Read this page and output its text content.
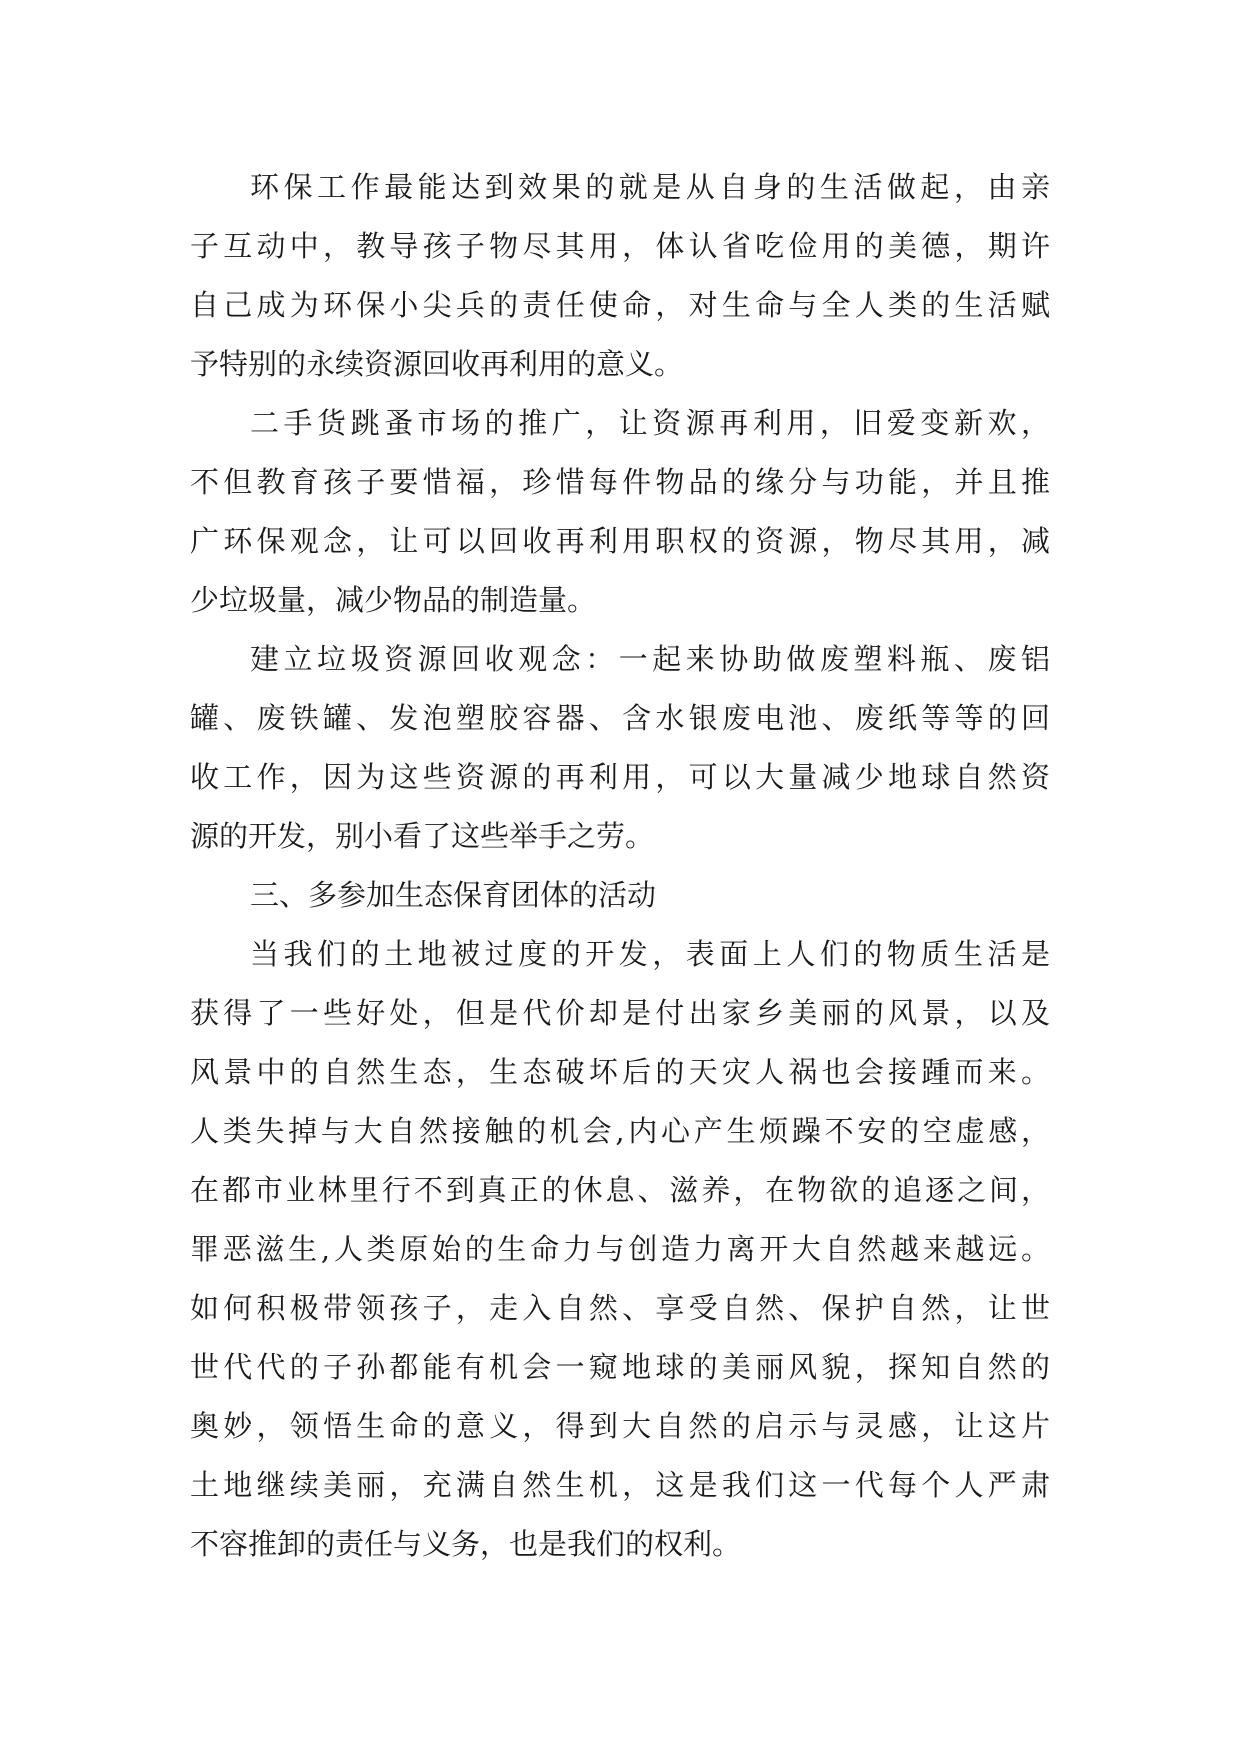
环保工作最能达到效果的就是从自身的生活做起，由亲
子互动中，教导孩子物尽其用，体认省吃俭用的美德，期许
自己成为环保小尖兵的责任使命，对生命与全人类的生活赋
予特别的永续资源回收再利用的意义。
二手货跳蚤市场的推广，让资源再利用，旧爱变新欢，
不但教育孩子要惜福，珍惜每件物品的缘分与功能，并且推
广环保观念，让可以回收再利用职权的资源，物尽其用，减
少垃圾量，减少物品的制造量。
建立垃圾资源回收观念：一起来协助做废塑料瓶、废铝
罐、废铁罐、发泡塑胶容器、含水银废电池、废纸等等的回
收工作，因为这些资源的再利用，可以大量减少地球自然资
源的开发，别小看了这些举手之劳。
三、多参加生态保育团体的活动
当我们的土地被过度的开发，表面上人们的物质生活是
获得了一些好处，但是代价却是付出家乡美丽的风景，以及
风景中的自然生态，生态破坏后的天灾人祸也会接踵而来。
人类失掉与大自然接触的机会,内心产生烦躁不安的空虚感，
在都市业林里行不到真正的休息、滋养，在物欲的追逐之间，
罪恶滋生,人类原始的生命力与创造力离开大自然越来越远。
如何积极带领孩子，走入自然、享受自然、保护自然，让世
世代代的子孙都能有机会一窥地球的美丽风貌，探知自然的
奥妙，领悟生命的意义，得到大自然的启示与灵感，让这片
土地继续美丽，充满自然生机，这是我们这一代每个人严肃
不容推卸的责任与义务，也是我们的权利。
